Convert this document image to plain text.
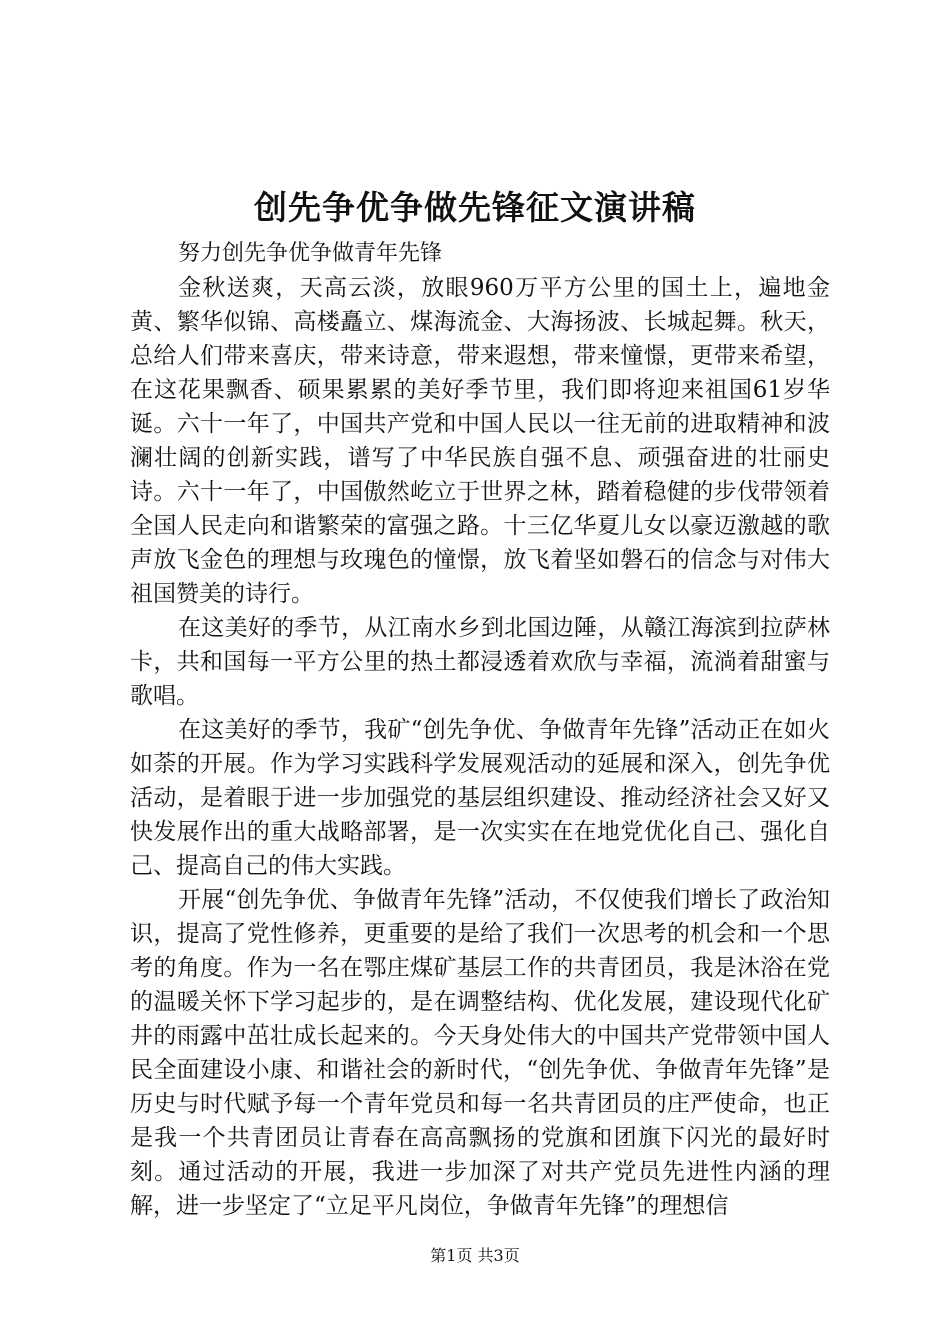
创先争优争做先锋征文演讲稿

努力创先争优争做青年先锋

金秋送爽，天高云淡，放眼960万平方公里的国土上，遍地金黄、繁华似锦、高楼矗立、煤海流金、大海扬波、长城起舞。秋天，总给人们带来喜庆，带来诗意，带来遐想，带来憧憬，更带来希望，在这花果飘香、硕果累累的美好季节里，我们即将迎来祖国61岁华诞。六十一年了，中国共产党和中国人民以一往无前的进取精神和波澜壮阔的创新实践，谱写了中华民族自强不息、顽强奋进的壮丽史诗。六十一年了，中国傲然屹立于世界之林，踏着稳健的步伐带领着全国人民走向和谐繁荣的富强之路。十三亿华夏儿女以豪迈激越的歌声放飞金色的理想与玫瑰色的憧憬，放飞着坚如磐石的信念与对伟大祖国赞美的诗行。

在这美好的季节，从江南水乡到北国边陲，从赣江海滨到拉萨林卡，共和国每一平方公里的热土都浸透着欢欣与幸福，流淌着甜蜜与歌唱。

在这美好的季节，我矿“创先争优、争做青年先锋”活动正在如火如荼的开展。作为学习实践科学发展观活动的延展和深入，创先争优活动，是着眼于进一步加强党的基层组织建设、推动经济社会又好又快发展作出的重大战略部署，是一次实实在在地党优化自己、强化自己、提高自己的伟大实践。

开展“创先争优、争做青年先锋”活动，不仅使我们增长了政治知识，提高了党性修养，更重要的是给了我们一次思考的机会和一个思考的角度。作为一名在鄂庄煤矿基层工作的共青团员，我是沐浴在党的温暖关怀下学习起步的，是在调整结构、优化发展，建设现代化矿井的雨露中茁壮成长起来的。今天身处伟大的中国共产党带领中国人民全面建设小康、和谐社会的新时代，“创先争优、争做青年先锋”是历史与时代赋予每一个青年党员和每一名共青团员的庄严使命，也正是我一个共青团员让青春在高高飘扬的党旗和团旗下闪光的最好时刻。通过活动的开展，我进一步加深了对共产党员先进性内涵的理解，进一步坚定了“立足平凡岗位，争做青年先锋”的理想信

第1页 共3页
